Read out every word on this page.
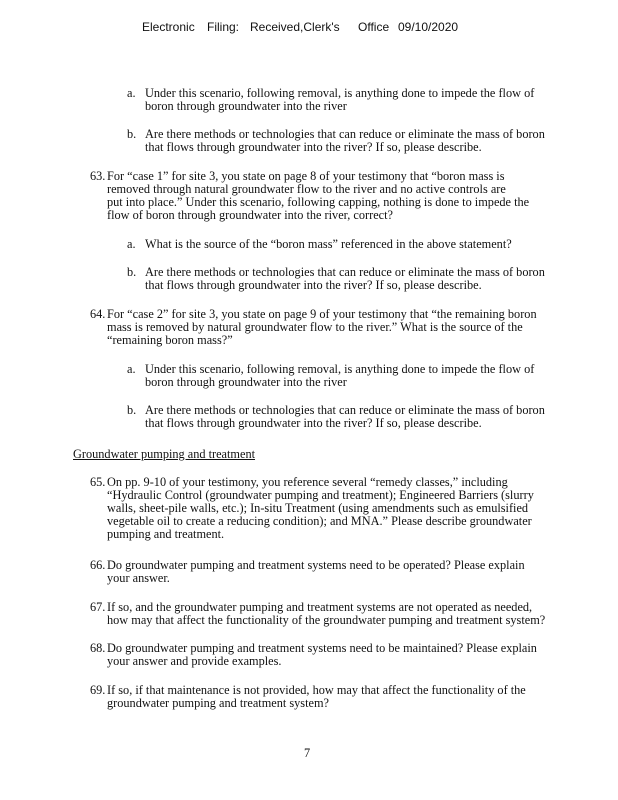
Electronic Filing: Received,Clerk's Office 09/10/2020
a. Under this scenario, following removal, is anything done to impede the flow of
boron through groundwater into the river
b. Are there methods or technologies that can reduce or eliminate the mass of boron
that flows through groundwater into the river? If so, please describe.
63. For “case 1” for site 3, you state on page 8 of your testimony that “boron mass is
removed through natural groundwater flow to the river and no active controls are
put into place.” Under this scenario, following capping, nothing is done to impede the
flow of boron through groundwater into the river, correct?
a. What is the source of the “boron mass” referenced in the above statement?
b. Are there methods or technologies that can reduce or eliminate the mass of boron
that flows through groundwater into the river? If so, please describe.
64. For “case 2” for site 3, you state on page 9 of your testimony that “the remaining boron
mass is removed by natural groundwater flow to the river.” What is the source of the
“remaining boron mass?”
a. Under this scenario, following removal, is anything done to impede the flow of
boron through groundwater into the river
b. Are there methods or technologies that can reduce or eliminate the mass of boron
that flows through groundwater into the river? If so, please describe.
65. On pp. 9-10 of your testimony, you reference several “remedy classes,” including
“Hydraulic Control (groundwater pumping and treatment); Engineered Barriers (slurry
walls, sheet-pile walls, etc.); In-situ Treatment (using amendments such as emulsified
vegetable oil to create a reducing condition); and MNA.” Please describe groundwater
pumping and treatment.
66. Do groundwater pumping and treatment systems need to be operated? Please explain
your answer.
67. If so, and the groundwater pumping and treatment systems are not operated as needed,
how may that affect the functionality of the groundwater pumping and treatment system?
68. Do groundwater pumping and treatment systems need to be maintained? Please explain
your answer and provide examples.
69. If so, if that maintenance is not provided, how may that affect the functionality of the
groundwater pumping and treatment system?
Groundwater pumping and treatment
7
